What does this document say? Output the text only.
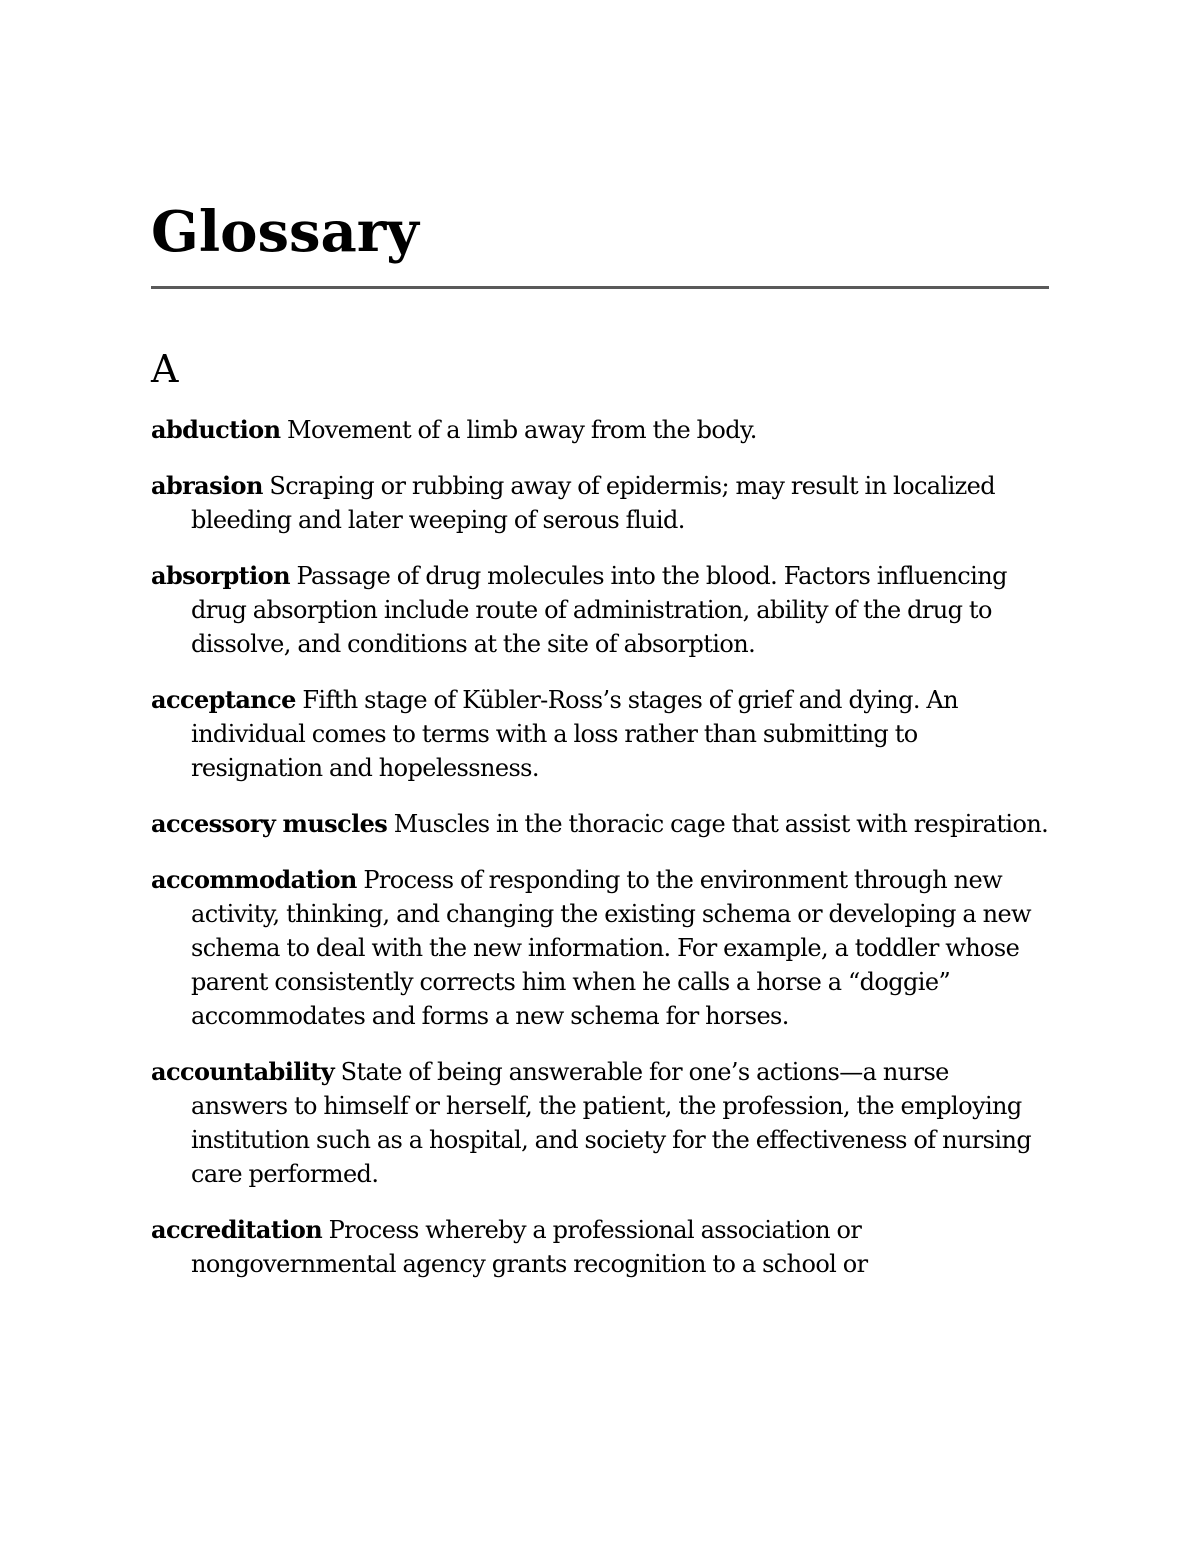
Glossary
A

abduction Movement of a limb away from the body.

abrasion Scraping or rubbing away of epidermis; may result in localized bleeding and later weeping of serous fluid.

absorption Passage of drug molecules into the blood. Factors influencing drug absorption include route of administration, ability of the drug to dissolve, and conditions at the site of absorption.

acceptance Fifth stage of Kübler-Ross’s stages of grief and dying. An individual comes to terms with a loss rather than submitting to resignation and hopelessness.

accessory muscles Muscles in the thoracic cage that assist with respiration.

accommodation Process of responding to the environment through new activity, thinking, and changing the existing schema or developing a new schema to deal with the new information. For example, a toddler whose parent consistently corrects him when he calls a horse a “doggie” accommodates and forms a new schema for horses.

accountability State of being answerable for one’s actions—a nurse answers to himself or herself, the patient, the profession, the employing institution such as a hospital, and society for the effectiveness of nursing care performed.

accreditation Process whereby a professional association or nongovernmental agency grants recognition to a school or
